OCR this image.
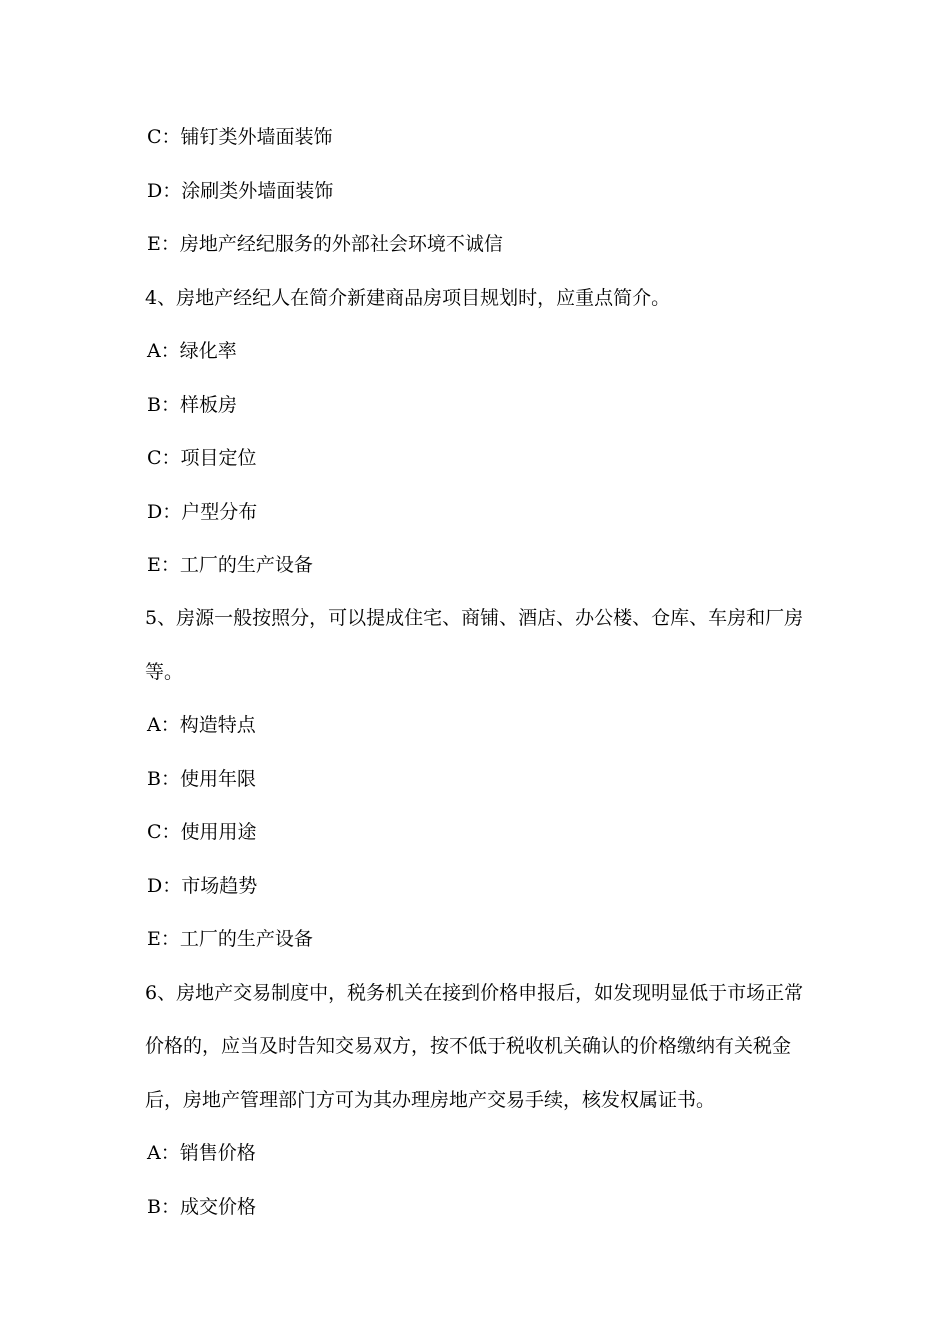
C：铺钉类外墙面装饰
D：涂刷类外墙面装饰
E：房地产经纪服务的外部社会环境不诚信
4、房地产经纪人在简介新建商品房项目规划时，应重点简介。
A：绿化率
B：样板房
C：项目定位
D：户型分布
E：工厂的生产设备
5、房源一般按照分，可以提成住宅、商铺、酒店、办公楼、仓库、车房和厂房
等。
A：构造特点
B：使用年限
C：使用用途
D：市场趋势
E：工厂的生产设备
6、房地产交易制度中，税务机关在接到价格申报后，如发现明显低于市场正常
价格的，应当及时告知交易双方，按不低于税收机关确认的价格缴纳有关税金
后，房地产管理部门方可为其办理房地产交易手续，核发权属证书。
A：销售价格
B：成交价格
